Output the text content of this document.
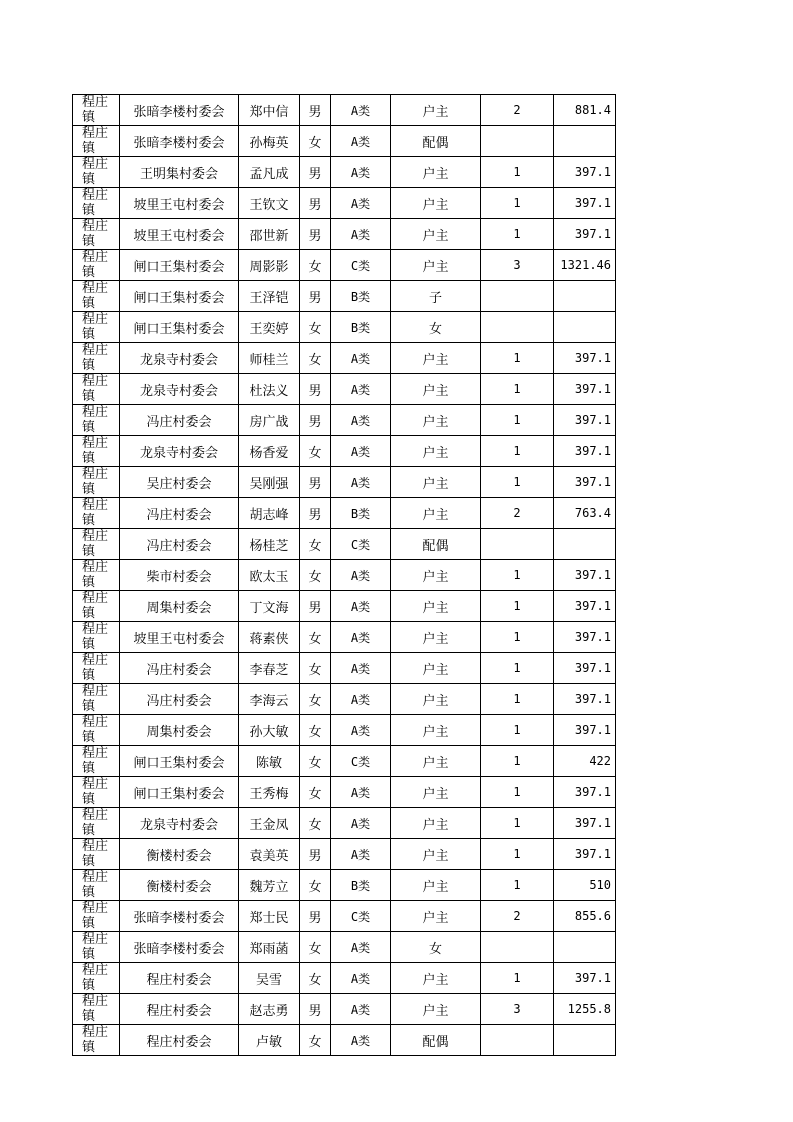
程庄镇	张暗李楼村委会	郑中信	男	A类	户主	2	881.4
程庄镇	张暗李楼村委会	孙梅英	女	A类	配偶		
程庄镇	王明集村委会	孟凡成	男	A类	户主	1	397.1
程庄镇	坡里王屯村委会	王钦文	男	A类	户主	1	397.1
程庄镇	坡里王屯村委会	邵世新	男	A类	户主	1	397.1
程庄镇	闸口王集村委会	周影影	女	C类	户主	3	1321.46
程庄镇	闸口王集村委会	王泽铠	男	B类	子		
程庄镇	闸口王集村委会	王奕婷	女	B类	女		
程庄镇	龙泉寺村委会	师桂兰	女	A类	户主	1	397.1
程庄镇	龙泉寺村委会	杜法义	男	A类	户主	1	397.1
程庄镇	冯庄村委会	房广战	男	A类	户主	1	397.1
程庄镇	龙泉寺村委会	杨香爱	女	A类	户主	1	397.1
程庄镇	吴庄村委会	吴刚强	男	A类	户主	1	397.1
程庄镇	冯庄村委会	胡志峰	男	B类	户主	2	763.4
程庄镇	冯庄村委会	杨桂芝	女	C类	配偶		
程庄镇	柴市村委会	欧太玉	女	A类	户主	1	397.1
程庄镇	周集村委会	丁文海	男	A类	户主	1	397.1
程庄镇	坡里王屯村委会	蒋素侠	女	A类	户主	1	397.1
程庄镇	冯庄村委会	李春芝	女	A类	户主	1	397.1
程庄镇	冯庄村委会	李海云	女	A类	户主	1	397.1
程庄镇	周集村委会	孙大敏	女	A类	户主	1	397.1
程庄镇	闸口王集村委会	陈敏	女	C类	户主	1	422
程庄镇	闸口王集村委会	王秀梅	女	A类	户主	1	397.1
程庄镇	龙泉寺村委会	王金凤	女	A类	户主	1	397.1
程庄镇	衡楼村委会	袁美英	男	A类	户主	1	397.1
程庄镇	衡楼村委会	魏芳立	女	B类	户主	1	510
程庄镇	张暗李楼村委会	郑士民	男	C类	户主	2	855.6
程庄镇	张暗李楼村委会	郑雨菡	女	A类	女		
程庄镇	程庄村委会	吴雪	女	A类	户主	1	397.1
程庄镇	程庄村委会	赵志勇	男	A类	户主	3	1255.8
程庄镇	程庄村委会	卢敏	女	A类	配偶		
